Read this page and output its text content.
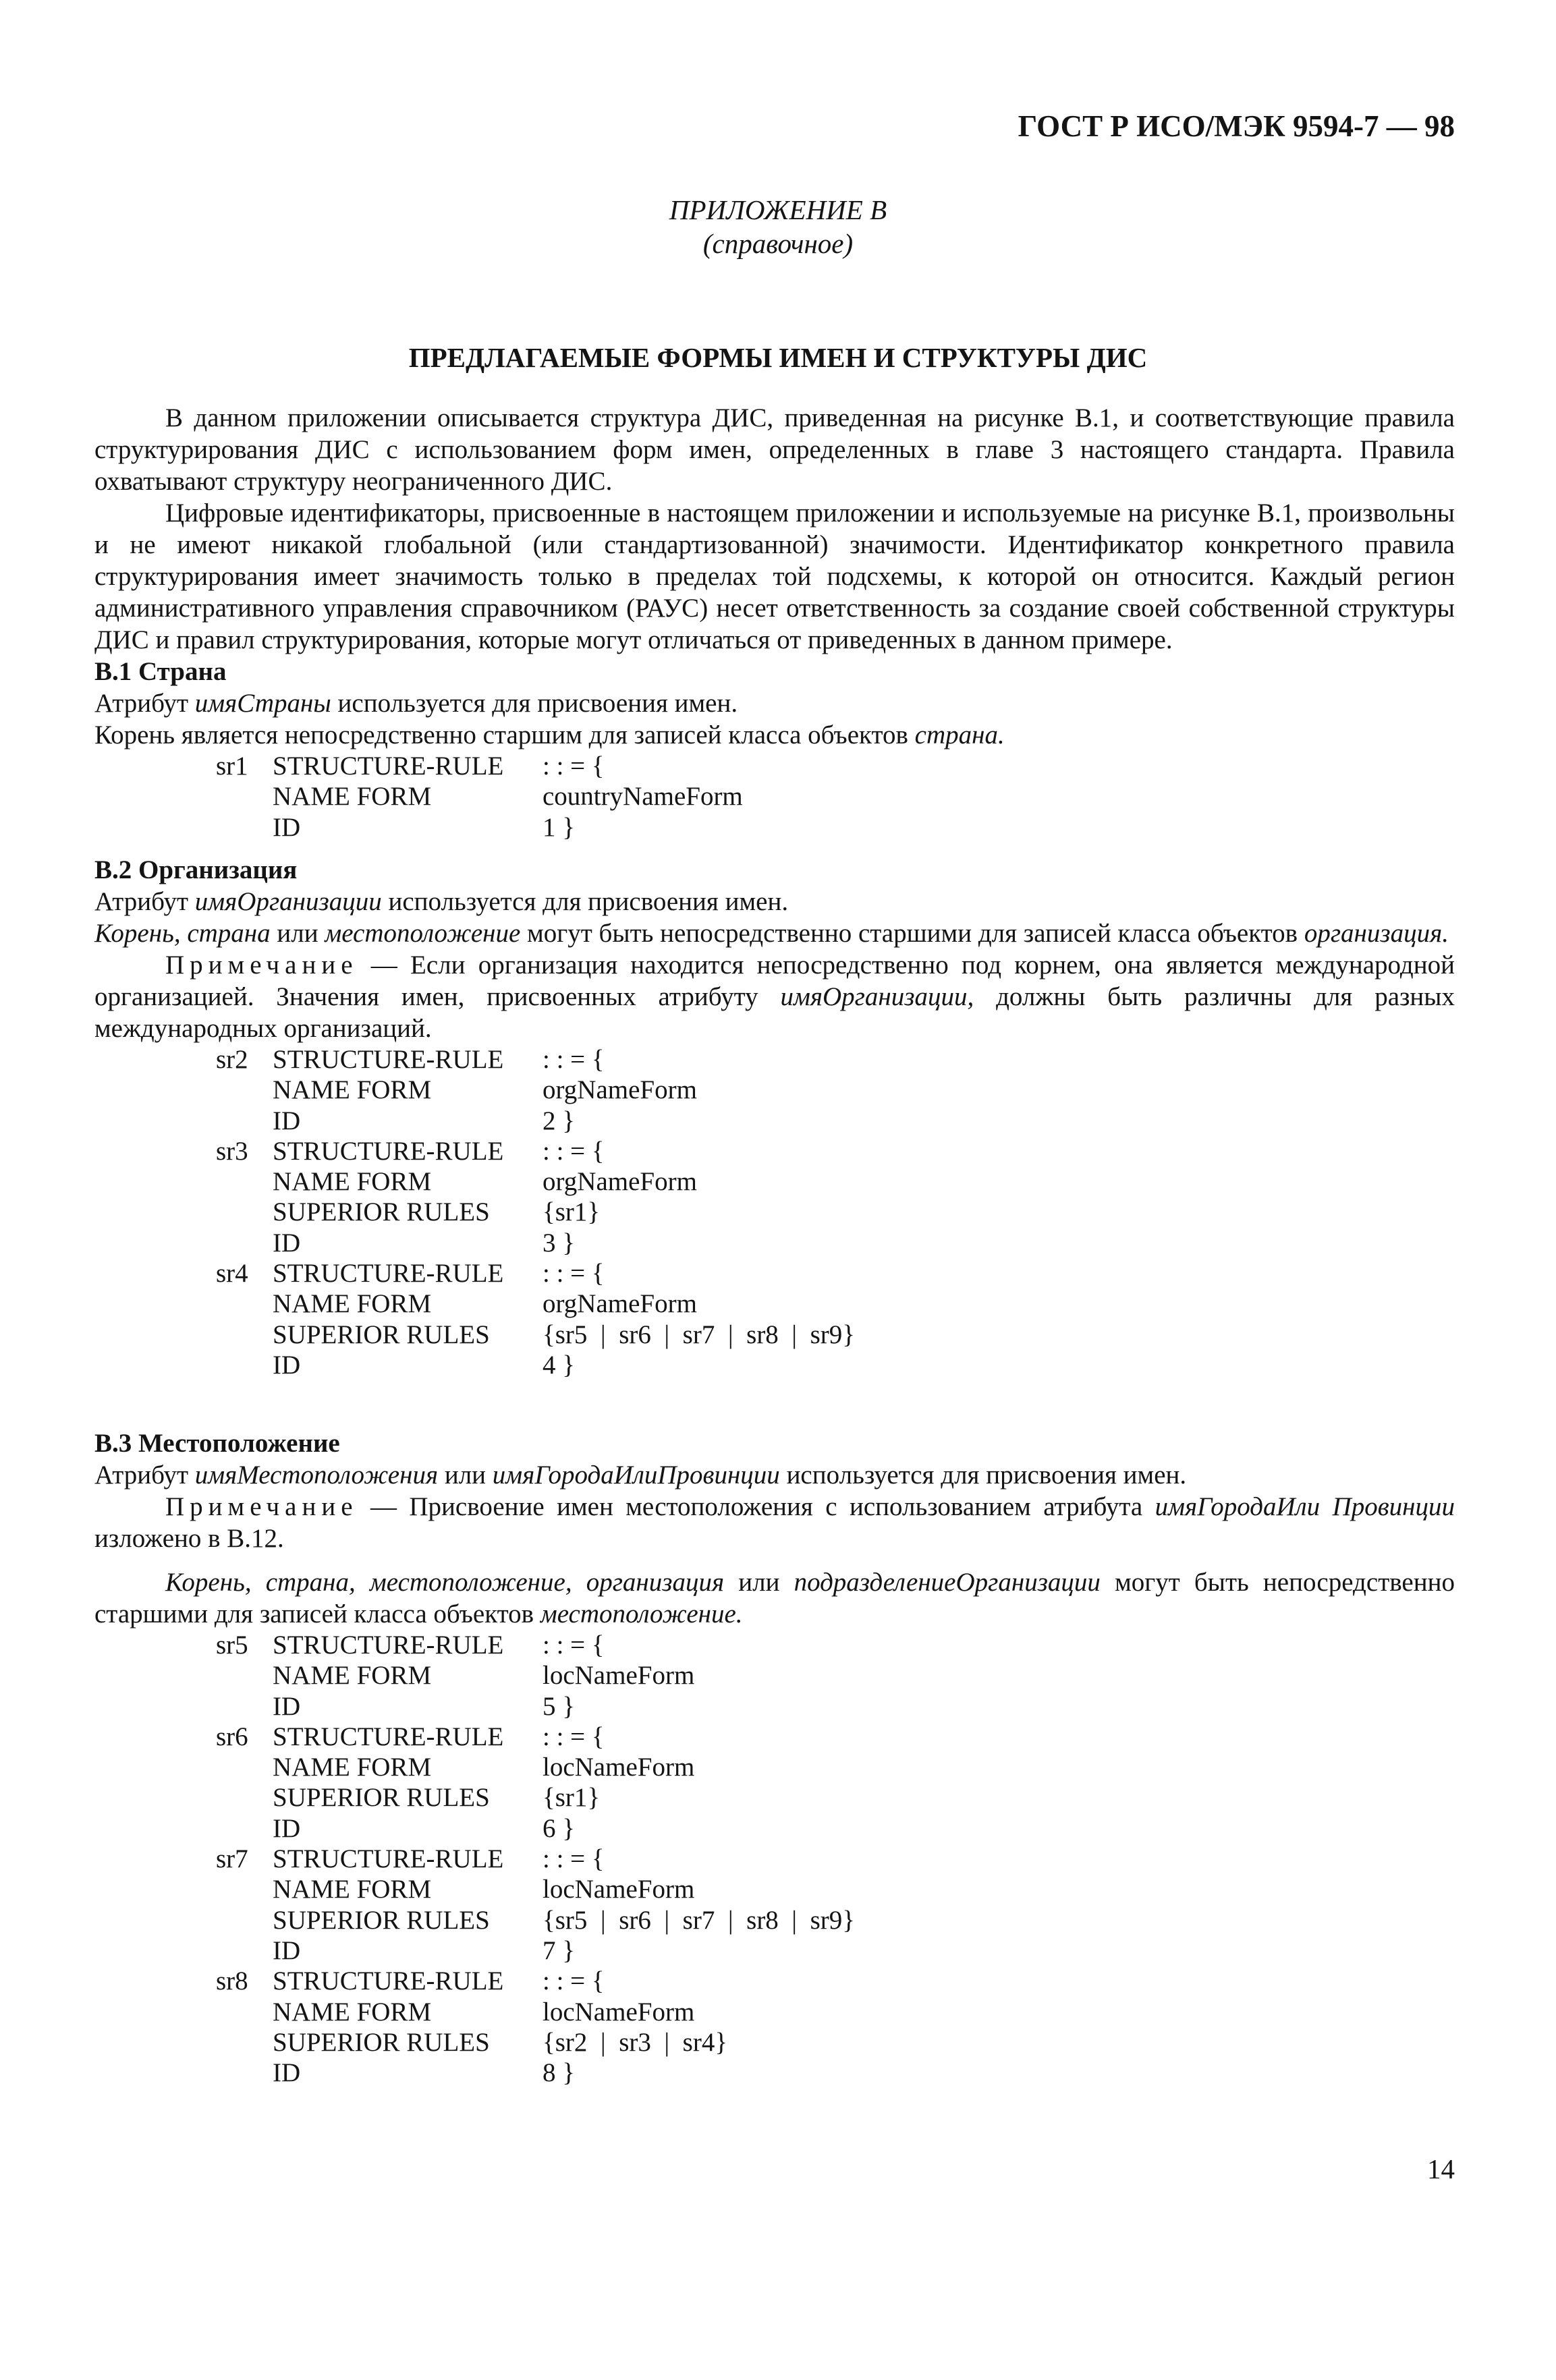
ГОСТ Р ИСО/МЭК 9594-7 — 98
ПРИЛОЖЕНИЕ В
(справочное)
ПРЕДЛАГАЕМЫЕ ФОРМЫ ИМЕН И СТРУКТУРЫ ДИС

В данном приложении описывается структура ДИС, приведенная на рисунке В.1, и соответствующие правила структурирования ДИС с использованием форм имен, определенных в главе 3 настоящего стандарта. Правила охватывают структуру неограниченного ДИС.

Цифровые идентификаторы, присвоенные в настоящем приложении и используемые на рисунке В.1, произвольны и не имеют никакой глобальной (или стандартизованной) значимости. Идентификатор конкретного правила структурирования имеет значимость только в пределах той подсхемы, к которой он относится. Каждый регион административного управления справочником (РАУС) несет ответственность за создание своей собственной структуры ДИС и правил структурирования, которые могут отличаться от приведенных в данном примере.

В.1 Страна

Атрибут имяСтраны используется для присвоения имен.

Корень является непосредственно старшим для записей класса объектов страна.

sr1 STRUCTURE-RULE	: : = {
NAME FORM	countryNameForm
ID	1 }

В.2 Организация

Атрибут имяОрганизации используется для присвоения имен.

Корень, страна или местоположение могут быть непосредственно старшими для записей класса объектов организация.

Примечание — Если организация находится непосредственно под корнем, она является международной организацией. Значения имен, присвоенных атрибуту имяОрганизации, должны быть различны для разных международных организаций.

sr2 STRUCTURE-RULE	: : = {
NAME FORM	orgNameForm
ID	2 }
sr3 STRUCTURE-RULE	: : = {
NAME FORM	orgNameForm
SUPERIOR RULES	{sr1}
ID	3 }
sr4 STRUCTURE-RULE	: : = {
NAME FORM	orgNameForm
SUPERIOR RULES	{sr5  |  sr6  |  sr7  |  sr8  |  sr9}
ID	4 }

В.3 Местоположение

Атрибут имяМестоположения или имяГородаИлиПровинции используется для присвоения имен.

Примечание — Присвоение имен местоположения с использованием атрибута имяГородаИли Провинции изложено в В.12.

Корень, страна, местоположение, организация или подразделениеОрганизации могут быть непосредственно старшими для записей класса объектов местоположение.

sr5 STRUCTURE-RULE	: : = {
NAME FORM	locNameForm
ID	5 }
sr6 STRUCTURE-RULE	: : = {
NAME FORM	locNameForm
SUPERIOR RULES	{sr1}
ID	6 }
sr7 STRUCTURE-RULE	: : = {
NAME FORM	locNameForm
SUPERIOR RULES	{sr5  |  sr6  |  sr7  |  sr8  |  sr9}
ID	7 }
sr8 STRUCTURE-RULE	: : = {
NAME FORM	locNameForm
SUPERIOR RULES	{sr2  |  sr3  |  sr4}
ID	8 }
14
